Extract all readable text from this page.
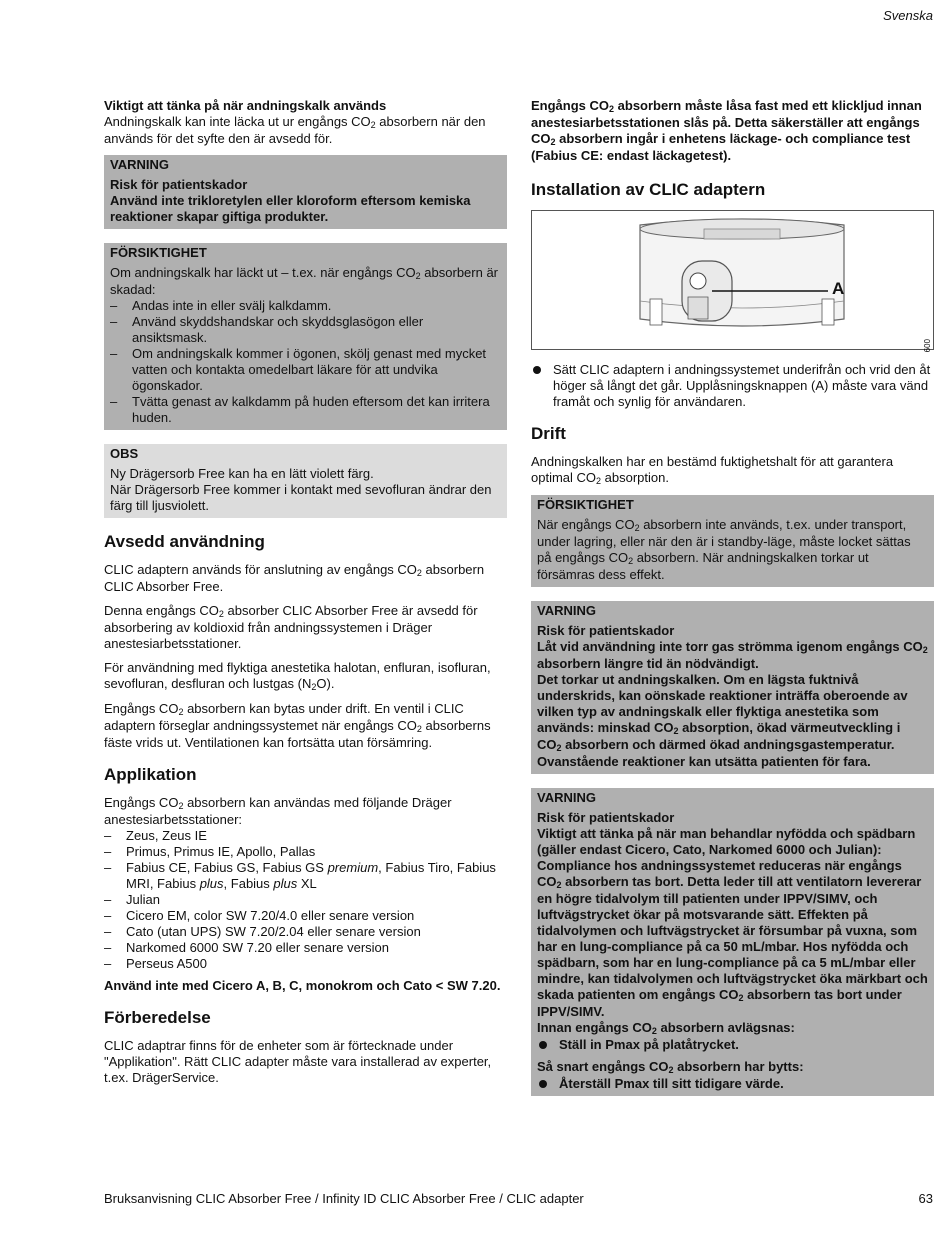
Svenska

Viktigt att tänka på när andningskalk används

Andningskalk kan inte läcka ut ur engångs $CO_2$ absorbern när den används för det syfte den är avsedd för.

VARNING

Risk för patientskador

Använd inte trikloretylen eller kloroform eftersom kemiska reaktioner skapar giftiga produkter.

FÖRSIKTIGHET

Om andningskalk har läckt ut – t.ex. när engångs $CO_2$ absorbern är skadad:

– Andas inte in eller svälj kalkdamm.
– Använd skyddshandskar och skyddsglasögon eller ansiktsmask.
– Om andningskalk kommer i ögonen, skölj genast med mycket vatten och kontakta omedelbart läkare för att undvika ögonskador.
– Tvätta genast av kalkdamm på huden eftersom det kan irritera huden.

OBS

Ny Drägersorb Free kan ha en lätt violett färg.

När Drägersorb Free kommer i kontakt med sevofluran ändrar den färg till ljusviolett.

Avsedd användning

CLIC adaptern används för anslutning av engångs $CO_2$ absorbern CLIC Absorber Free.

Denna engångs $CO_2$ absorber CLIC Absorber Free är avsedd för absorbering av koldioxid från andningssystemen i Dräger anestesiarbetsstationer.

För användning med flyktiga anestetika halotan, enfluran, isofluran, sevofluran, desfluran och lustgas $(N_2O)$.

Engångs $CO_2$ absorbern kan bytas under drift. En ventil i CLIC adaptern förseglar andningssystemet när engångs $CO_2$ absorberns fäste vrids ut. Ventilationen kan fortsätta utan försämring.

Applikation

Engångs $CO_2$ absorbern kan användas med följande Dräger anestesiarbetsstationer:

– Zeus, Zeus IE
– Primus, Primus IE, Apollo, Pallas
– Fabius CE, Fabius GS, Fabius GS premium, Fabius Tiro, Fabius MRI, Fabius plus, Fabius plus XL
– Julian
– Cicero EM, color SW 7.20/4.0 eller senare version
– Cato (utan UPS) SW 7.20/2.04 eller senare version
– Narkomed 6000 SW 7.20 eller senare version
– Perseus A500

Använd inte med Cicero A, B, C, monokrom och Cato < SW 7.20.

Förberedelse

CLIC adaptrar finns för de enheter som är förtecknade under "Applikation". Rätt CLIC adapter måste vara installerad av experter, t.ex. DrägerService.

Engångs $CO_2$ absorbern måste låsa fast med ett klickljud innan anestesiarbetsstationen slås på. Detta säkerställer att engångs $CO_2$ absorbern ingår i enhetens läckage- och compliance test (Fabius CE: endast läckagetest).

Installation av CLIC adaptern
A
009
Sätt CLIC adaptern i andningssystemet underifrån och vrid den åt höger så långt det går. Upplåsningsknappen (A) måste vara vänd framåt och synlig för användaren.
Drift

Andningskalken har en bestämd fuktighetshalt för att garantera optimal $CO_2$ absorption.

FÖRSIKTIGHET

När engångs $CO_2$ absorbern inte används, t.ex. under transport, under lagring, eller när den är i standby-läge, måste locket sättas på engångs $CO_2$ absorbern. När andningskalken torkar ut försämras dess effekt.

VARNING

Risk för patientskador

Låt vid användning inte torr gas strömma igenom engångs $CO_2$ absorbern längre tid än nödvändigt.

Det torkar ut andningskalken. Om en lägsta fuktnivå underskrids, kan oönskade reaktioner inträffa oberoende av vilken typ av andningskalk eller flyktiga anestetika som används: minskad $CO_2$ absorption, ökad värmeutveckling i $CO_2$ absorbern och därmed ökad andningsgastemperatur.

Ovanstående reaktioner kan utsätta patienten för fara.

VARNING

Risk för patientskador

Viktigt att tänka på när man behandlar nyfödda och spädbarn (gäller endast Cicero, Cato, Narkomed 6000 och Julian):

Compliance hos andningssystemet reduceras när engångs $CO_2$ absorbern tas bort. Detta leder till att ventilatorn levererar en högre tidalvolym till patienten under IPPV/SIMV, och luftvägstrycket ökar på motsvarande sätt. Effekten på tidalvolymen och luftvägstrycket är försumbar på vuxna, som har en lung-compliance på ca 50 mL/mbar. Hos nyfödda och spädbarn, som har en lung-compliance på ca 5 mL/mbar eller mindre, kan tidalvolymen och luftvägstrycket öka märkbart och skada patienten om engångs $CO_2$ absorbern tas bort under IPPV/SIMV.

Innan engångs $CO_2$ absorbern avlägsnas:

Ställ in Pmax på platåtrycket.

Så snart engångs $CO_2$ absorbern har bytts:

Återställ Pmax till sitt tidigare värde.
Bruksanvisning CLIC Absorber Free / Infinity ID CLIC Absorber Free / CLIC adapter	63
